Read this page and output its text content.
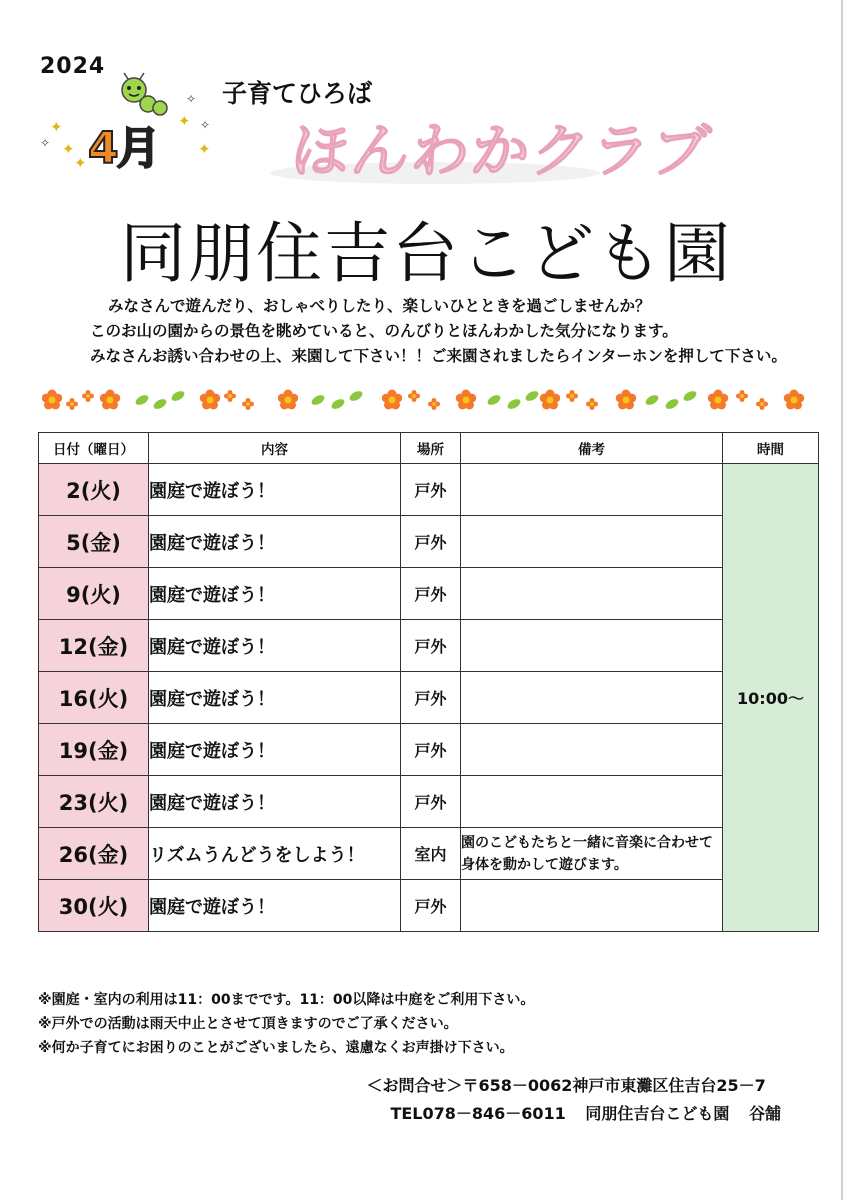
2024
✦
✦
✦
✦
✦
✧
✧
✧
4月
子育てひろば
ほんわかクラブ
同朋住吉台こども園
みなさんで遊んだり、おしゃべりしたり、楽しいひとときを過ごしませんか？
このお山の園からの景色を眺めていると、のんびりとほんわかした気分になります。
みなさんお誘い合わせの上、来園して下さい！！ご来園されましたらインターホンを押して下さい。
日付（曜日）	内容	場所	備考	時間
2(火)	園庭で遊ぼう！	戸外		10:00～
5(金)	園庭で遊ぼう！	戸外		
9(火)	園庭で遊ぼう！	戸外		
12(金)	園庭で遊ぼう！	戸外		
16(火)	園庭で遊ぼう！	戸外		
19(金)	園庭で遊ぼう！	戸外		
23(火)	園庭で遊ぼう！	戸外		
26(金)	リズムうんどうをしよう！	室内	園のこどもたちと一緒に音楽に合わせて身体を動かして遊びます。	
30(火)	園庭で遊ぼう！	戸外		
※園庭・室内の利用は11：00までです。11：00以降は中庭をご利用下さい。
※戸外での活動は雨天中止とさせて頂きますのでご了承ください。
※何か子育てにお困りのことがございましたら、遠慮なくお声掛け下さい。
＜お問合せ＞〒658－0062神戸市東灘区住吉台25－7
TEL078－846－6011 同朋住吉台こども園 谷舗
